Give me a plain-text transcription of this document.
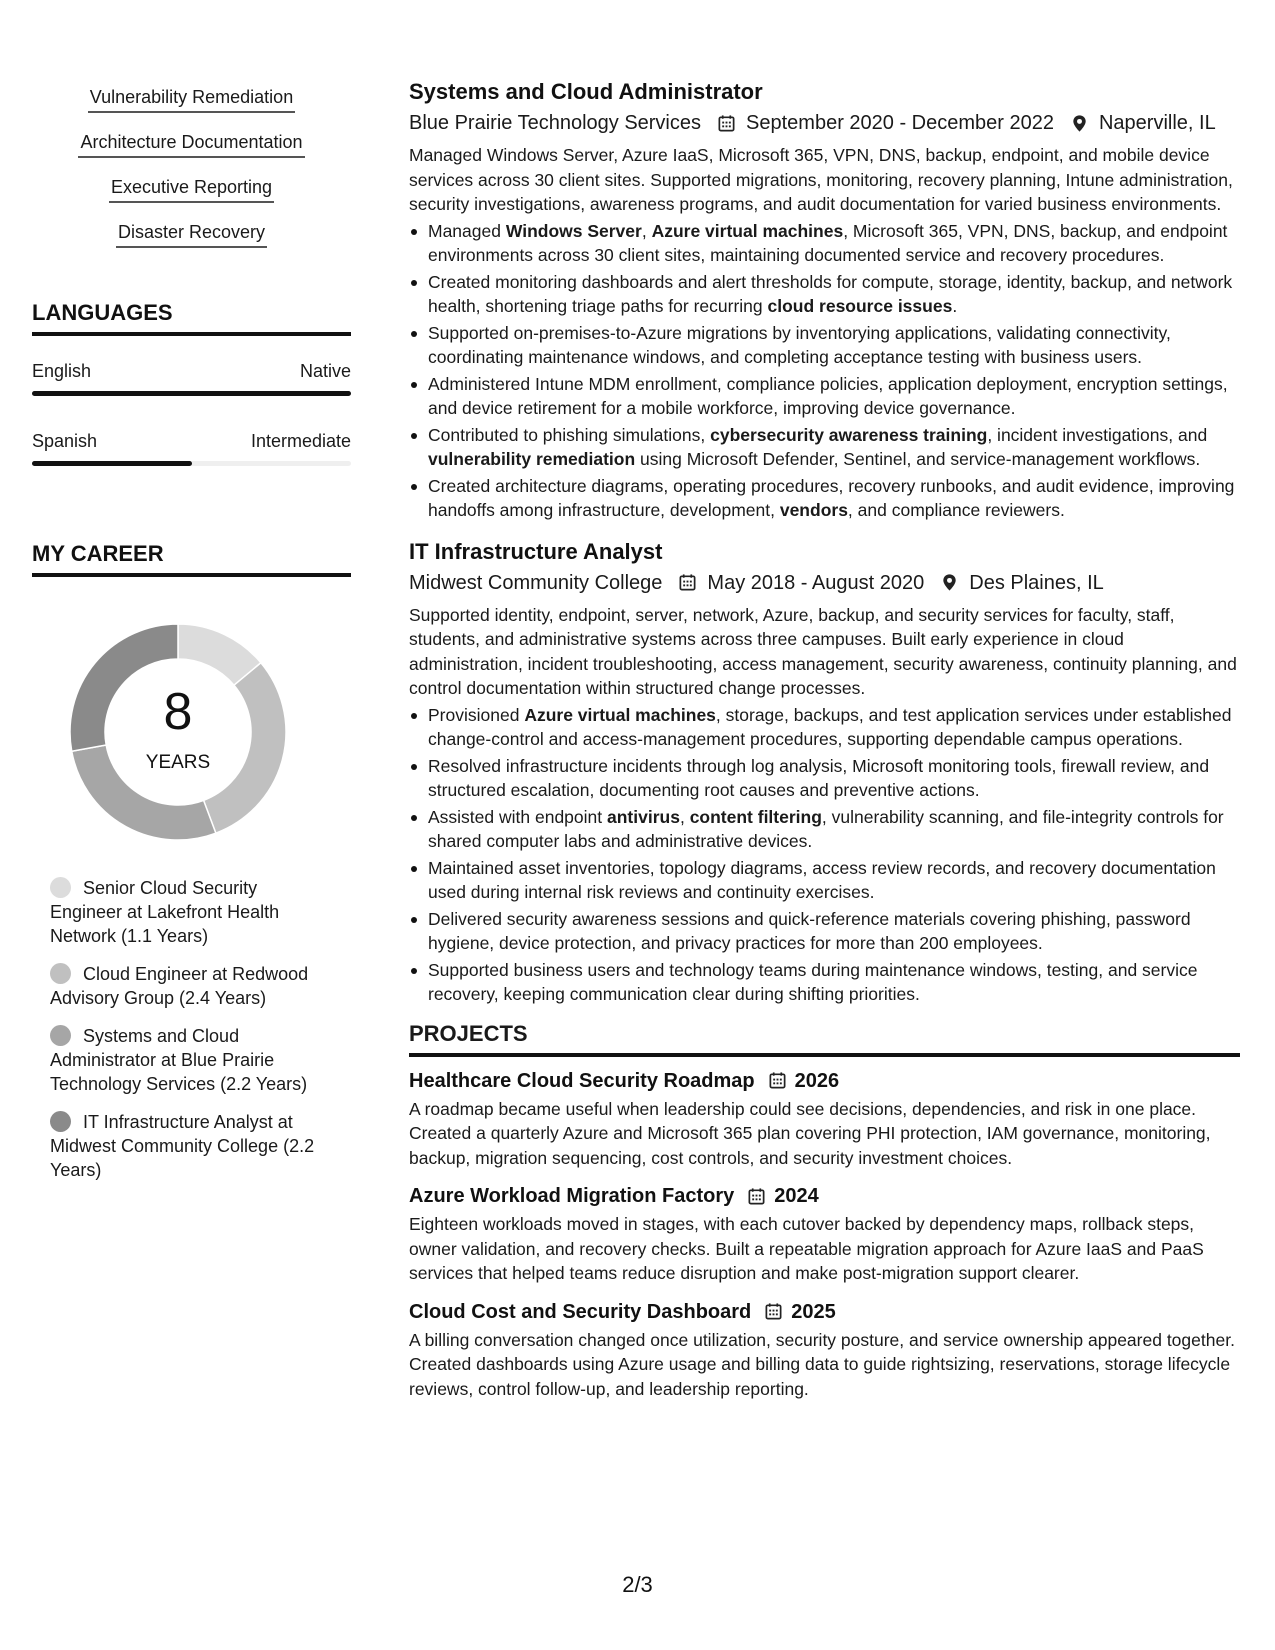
Vulnerability Remediation
Architecture Documentation
Executive Reporting
Disaster Recovery
LANGUAGES
English	Native
Spanish	Intermediate
MY CAREER
8
YEARS
Senior Cloud Security Engineer at Lakefront Health Network (1.1 Years)
Cloud Engineer at Redwood Advisory Group (2.4 Years)
Systems and Cloud Administrator at Blue Prairie Technology Services (2.2 Years)
IT Infrastructure Analyst at Midwest Community College (2.2 Years)
Systems and Cloud Administrator
Blue Prairie Technology Services September 2020 - December 2022 Naperville, IL
Managed Windows Server, Azure IaaS, Microsoft 365, VPN, DNS, backup, endpoint, and mobile device services across 30 client sites. Supported migrations, monitoring, recovery planning, Intune administration, security investigations, awareness programs, and audit documentation for varied business environments.
Managed Windows Server, Azure virtual machines, Microsoft 365, VPN, DNS, backup, and endpoint environments across 30 client sites, maintaining documented service and recovery procedures.
Created monitoring dashboards and alert thresholds for compute, storage, identity, backup, and network health, shortening triage paths for recurring cloud resource issues.
Supported on-premises-to-Azure migrations by inventorying applications, validating connectivity, coordinating maintenance windows, and completing acceptance testing with business users.
Administered Intune MDM enrollment, compliance policies, application deployment, encryption settings, and device retirement for a mobile workforce, improving device governance.
Contributed to phishing simulations, cybersecurity awareness training, incident investigations, and vulnerability remediation using Microsoft Defender, Sentinel, and service-management workflows.
Created architecture diagrams, operating procedures, recovery runbooks, and audit evidence, improving handoffs among infrastructure, development, vendors, and compliance reviewers.
IT Infrastructure Analyst
Midwest Community College May 2018 - August 2020 Des Plaines, IL
Supported identity, endpoint, server, network, Azure, backup, and security services for faculty, staff, students, and administrative systems across three campuses. Built early experience in cloud administration, incident troubleshooting, access management, security awareness, continuity planning, and control documentation within structured change processes.
Provisioned Azure virtual machines, storage, backups, and test application services under established change-control and access-management procedures, supporting dependable campus operations.
Resolved infrastructure incidents through log analysis, Microsoft monitoring tools, firewall review, and structured escalation, documenting root causes and preventive actions.
Assisted with endpoint antivirus, content filtering, vulnerability scanning, and file-integrity controls for shared computer labs and administrative devices.
Maintained asset inventories, topology diagrams, access review records, and recovery documentation used during internal risk reviews and continuity exercises.
Delivered security awareness sessions and quick-reference materials covering phishing, password hygiene, device protection, and privacy practices for more than 200 employees.
Supported business users and technology teams during maintenance windows, testing, and service recovery, keeping communication clear during shifting priorities.
PROJECTS
Healthcare Cloud Security Roadmap 2026
A roadmap became useful when leadership could see decisions, dependencies, and risk in one place. Created a quarterly Azure and Microsoft 365 plan covering PHI protection, IAM governance, monitoring, backup, migration sequencing, cost controls, and security investment choices.
Azure Workload Migration Factory 2024
Eighteen workloads moved in stages, with each cutover backed by dependency maps, rollback steps, owner validation, and recovery checks. Built a repeatable migration approach for Azure IaaS and PaaS services that helped teams reduce disruption and make post-migration support clearer.
Cloud Cost and Security Dashboard 2025
A billing conversation changed once utilization, security posture, and service ownership appeared together. Created dashboards using Azure usage and billing data to guide rightsizing, reservations, storage lifecycle reviews, control follow-up, and leadership reporting.
2/3
